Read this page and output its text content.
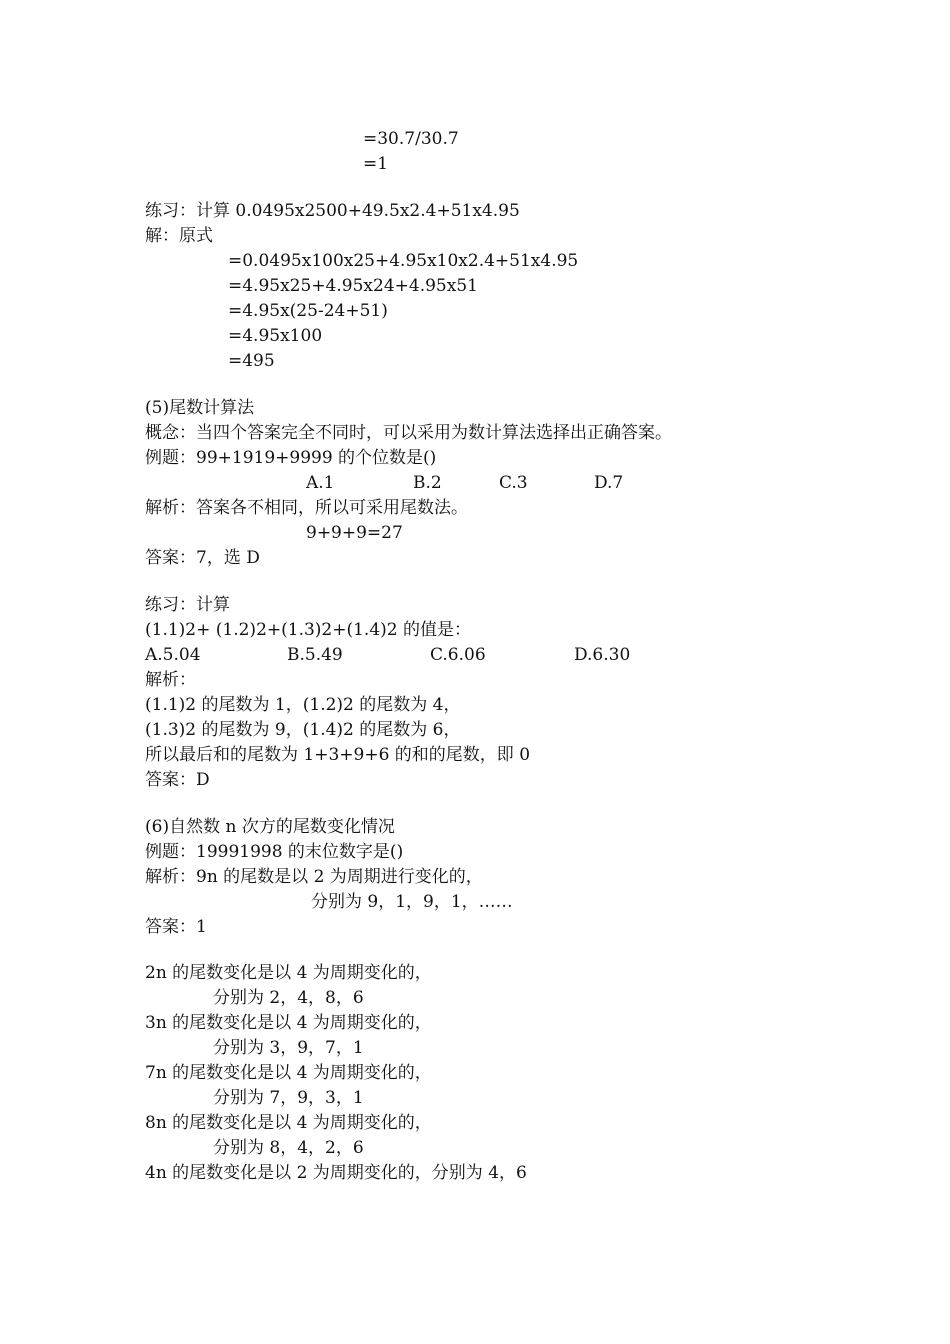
=30.7/30.7
=1
练习：计算 0.0495x2500+49.5x2.4+51x4.95
解：原式
=0.0495x100x25+4.95x10x2.4+51x4.95
=4.95x25+4.95x24+4.95x51
=4.95x(25-24+51)
=4.95x100
=495
(5)尾数计算法
概念：当四个答案完全不同时，可以采用为数计算法选择出正确答案。
例题：99+1919+9999 的个位数是()
A.1	B.2	C.3	D.7
解析：答案各不相同，所以可采用尾数法。
9+9+9=27
答案：7，选 D
练习：计算
(1.1)2+ (1.2)2+(1.3)2+(1.4)2 的值是：
A.5.04	B.5.49	C.6.06	D.6.30
解析：
(1.1)2 的尾数为 1，(1.2)2 的尾数为 4，
(1.3)2 的尾数为 9，(1.4)2 的尾数为 6，
所以最后和的尾数为 1+3+9+6 的和的尾数，即 0
答案：D
(6)自然数 n 次方的尾数变化情况
例题：19991998 的末位数字是()
解析：9n 的尾数是以 2 为周期进行变化的，
分别为 9，1，9，1，……
答案：1
2n 的尾数变化是以 4 为周期变化的，
分别为 2，4，8，6
3n 的尾数变化是以 4 为周期变化的，
分别为 3，9，7，1
7n 的尾数变化是以 4 为周期变化的，
分别为 7，9，3，1
8n 的尾数变化是以 4 为周期变化的，
分别为 8，4，2，6
4n 的尾数变化是以 2 为周期变化的，分别为 4，6
